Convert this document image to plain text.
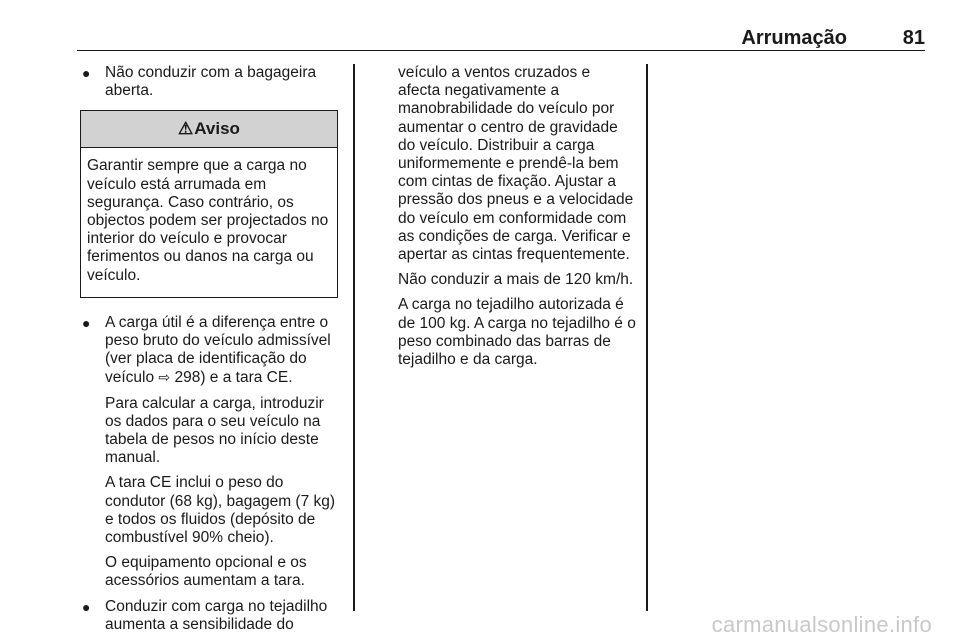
Arrumação	81
● Não conduzir com a bagageira aberta.
⚠ Aviso
Garantir sempre que a carga no veículo está arrumada em segurança. Caso contrário, os objectos podem ser projectados no interior do veículo e provocar ferimentos ou danos na carga ou veículo.
● A carga útil é a diferença entre o peso bruto do veículo admissível (ver placa de identificação do veículo ⇨ 298) e a tara CE.

Para calcular a carga, introduzir os dados para o seu veículo na tabela de pesos no início deste manual.

A tara CE inclui o peso do condutor (68 kg), bagagem (7 kg) e todos os fluidos (depósito de combustível 90% cheio).

O equipamento opcional e os acessórios aumentam a tara.

● Conduzir com carga no tejadilho aumenta a sensibilidade do

veículo a ventos cruzados e afecta negativamente a manobrabilidade do veículo por aumentar o centro de gravidade do veículo. Distribuir a carga uniformemente e prendê-la bem com cintas de fixação. Ajustar a pressão dos pneus e a velocidade do veículo em conformidade com as condições de carga. Verificar e apertar as cintas frequentemente.

Não conduzir a mais de 120 km/h.

A carga no tejadilho autorizada é de 100 kg. A carga no tejadilho é o peso combinado das barras de tejadilho e da carga.

carmanualsonline.info
